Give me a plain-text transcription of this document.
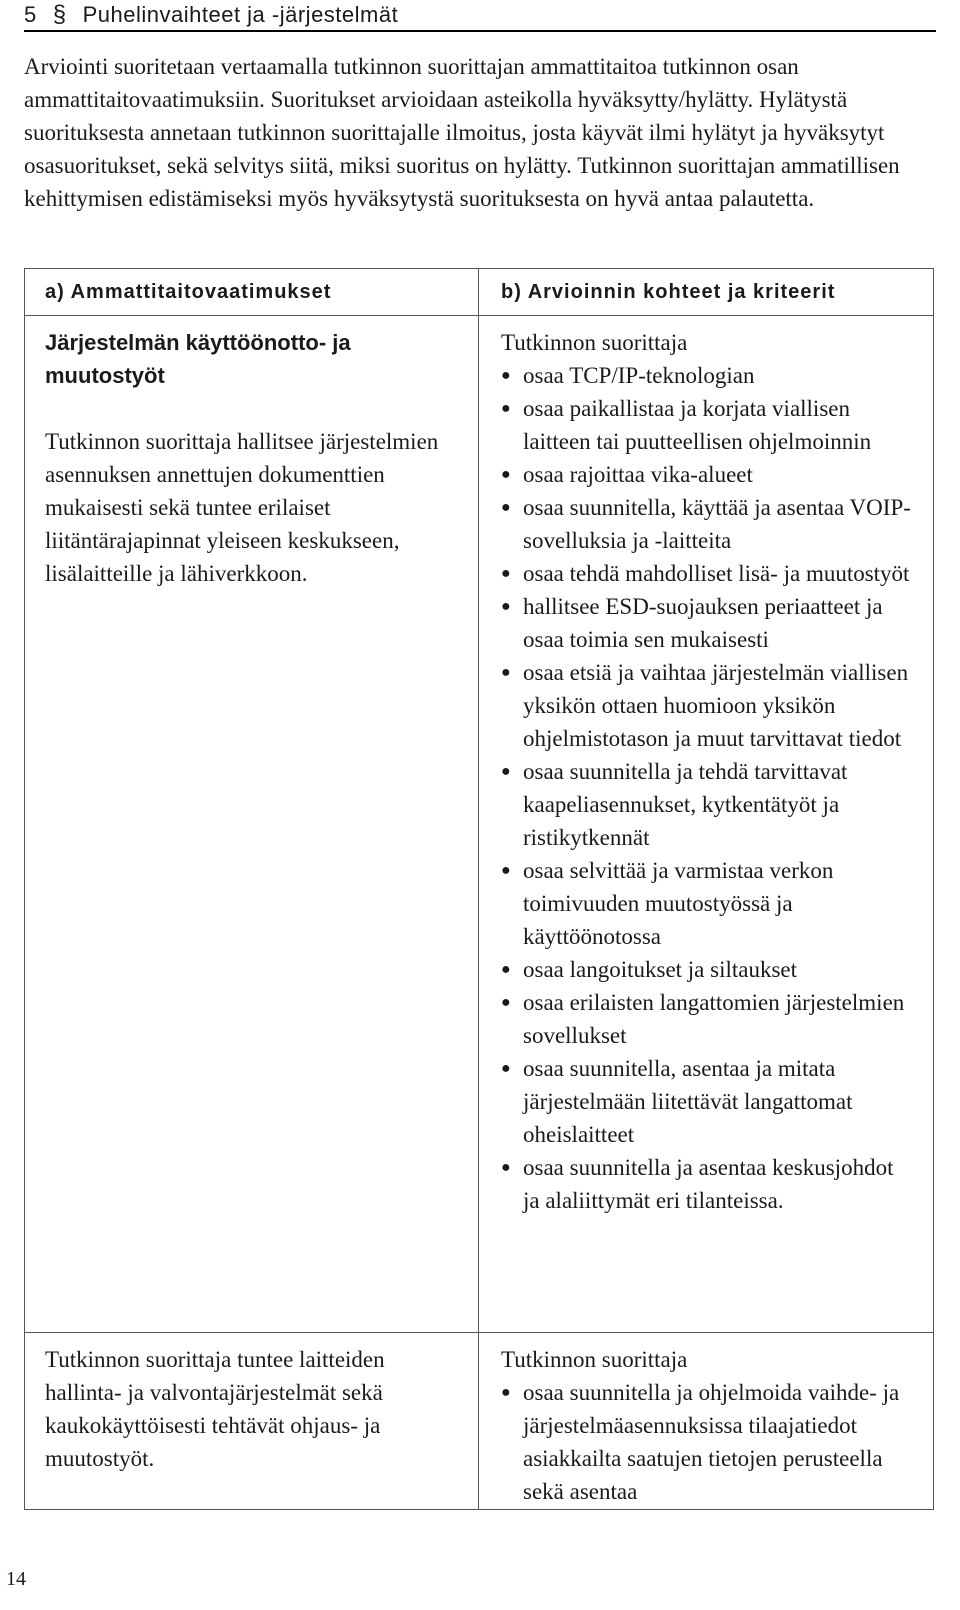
5 § Puhelinvaihteet ja -järjestelmät

Arviointi suoritetaan vertaamalla tutkinnon suorittajan ammattitaitoa tutkinnon osan ammattitaitovaatimuksiin. Suoritukset arvioidaan asteikolla hyväksytty/hylätty. Hylätystä suorituksesta annetaan tutkinnon suorittajalle ilmoitus, josta käyvät ilmi hylätyt ja hyväksytyt osasuoritukset, sekä selvitys siitä, miksi suoritus on hylätty. Tutkinnon suorittajan ammatillisen kehittymisen edistämiseksi myös hyväksytystä suorituksesta on hyvä antaa palautetta.

a) Ammattitaitovaatimukset	b) Arvioinnin kohteet ja kriteerit
Järjestelmän käyttöönotto- ja muutostyöt
Tutkinnon suorittaja hallitsee järjestelmien asennuksen annettujen dokumenttien mukaisesti sekä tuntee erilaiset liitäntärajapinnat yleiseen keskukseen, lisälaitteille ja lähiverkkoon.
Tutkinnon suorittaja
● osaa TCP/IP-teknologian
● osaa paikallistaa ja korjata viallisen laitteen tai puutteellisen ohjelmoinnin
● osaa rajoittaa vika-alueet
● osaa suunnitella, käyttää ja asentaa VOIP-sovelluksia ja -laitteita
● osaa tehdä mahdolliset lisä- ja muutostyöt
● hallitsee ESD-suojauksen periaatteet ja osaa toimia sen mukaisesti
● osaa etsiä ja vaihtaa järjestelmän viallisen yksikön ottaen huomioon yksikön ohjelmistotason ja muut tarvittavat tiedot
● osaa suunnitella ja tehdä tarvittavat kaapeliasennukset, kytkentätyöt ja ristikytkennät
● osaa selvittää ja varmistaa verkon toimivuuden muutostyössä ja käyttöönotossa
● osaa langoitukset ja siltaukset
● osaa erilaisten langattomien järjestelmien sovellukset
● osaa suunnitella, asentaa ja mitata järjestelmään liitettävät langattomat oheislaitteet
● osaa suunnitella ja asentaa keskusjohdot ja alaliittymät eri tilanteissa.
Tutkinnon suorittaja tuntee laitteiden hallinta- ja valvontajärjestelmät sekä kaukokäyttöisesti tehtävät ohjaus- ja muutostyöt.
Tutkinnon suorittaja
● osaa suunnitella ja ohjelmoida vaihde- ja järjestelmäasennuksissa tilaajatiedot asiakkailta saatujen tietojen perusteella sekä asentaa
14
